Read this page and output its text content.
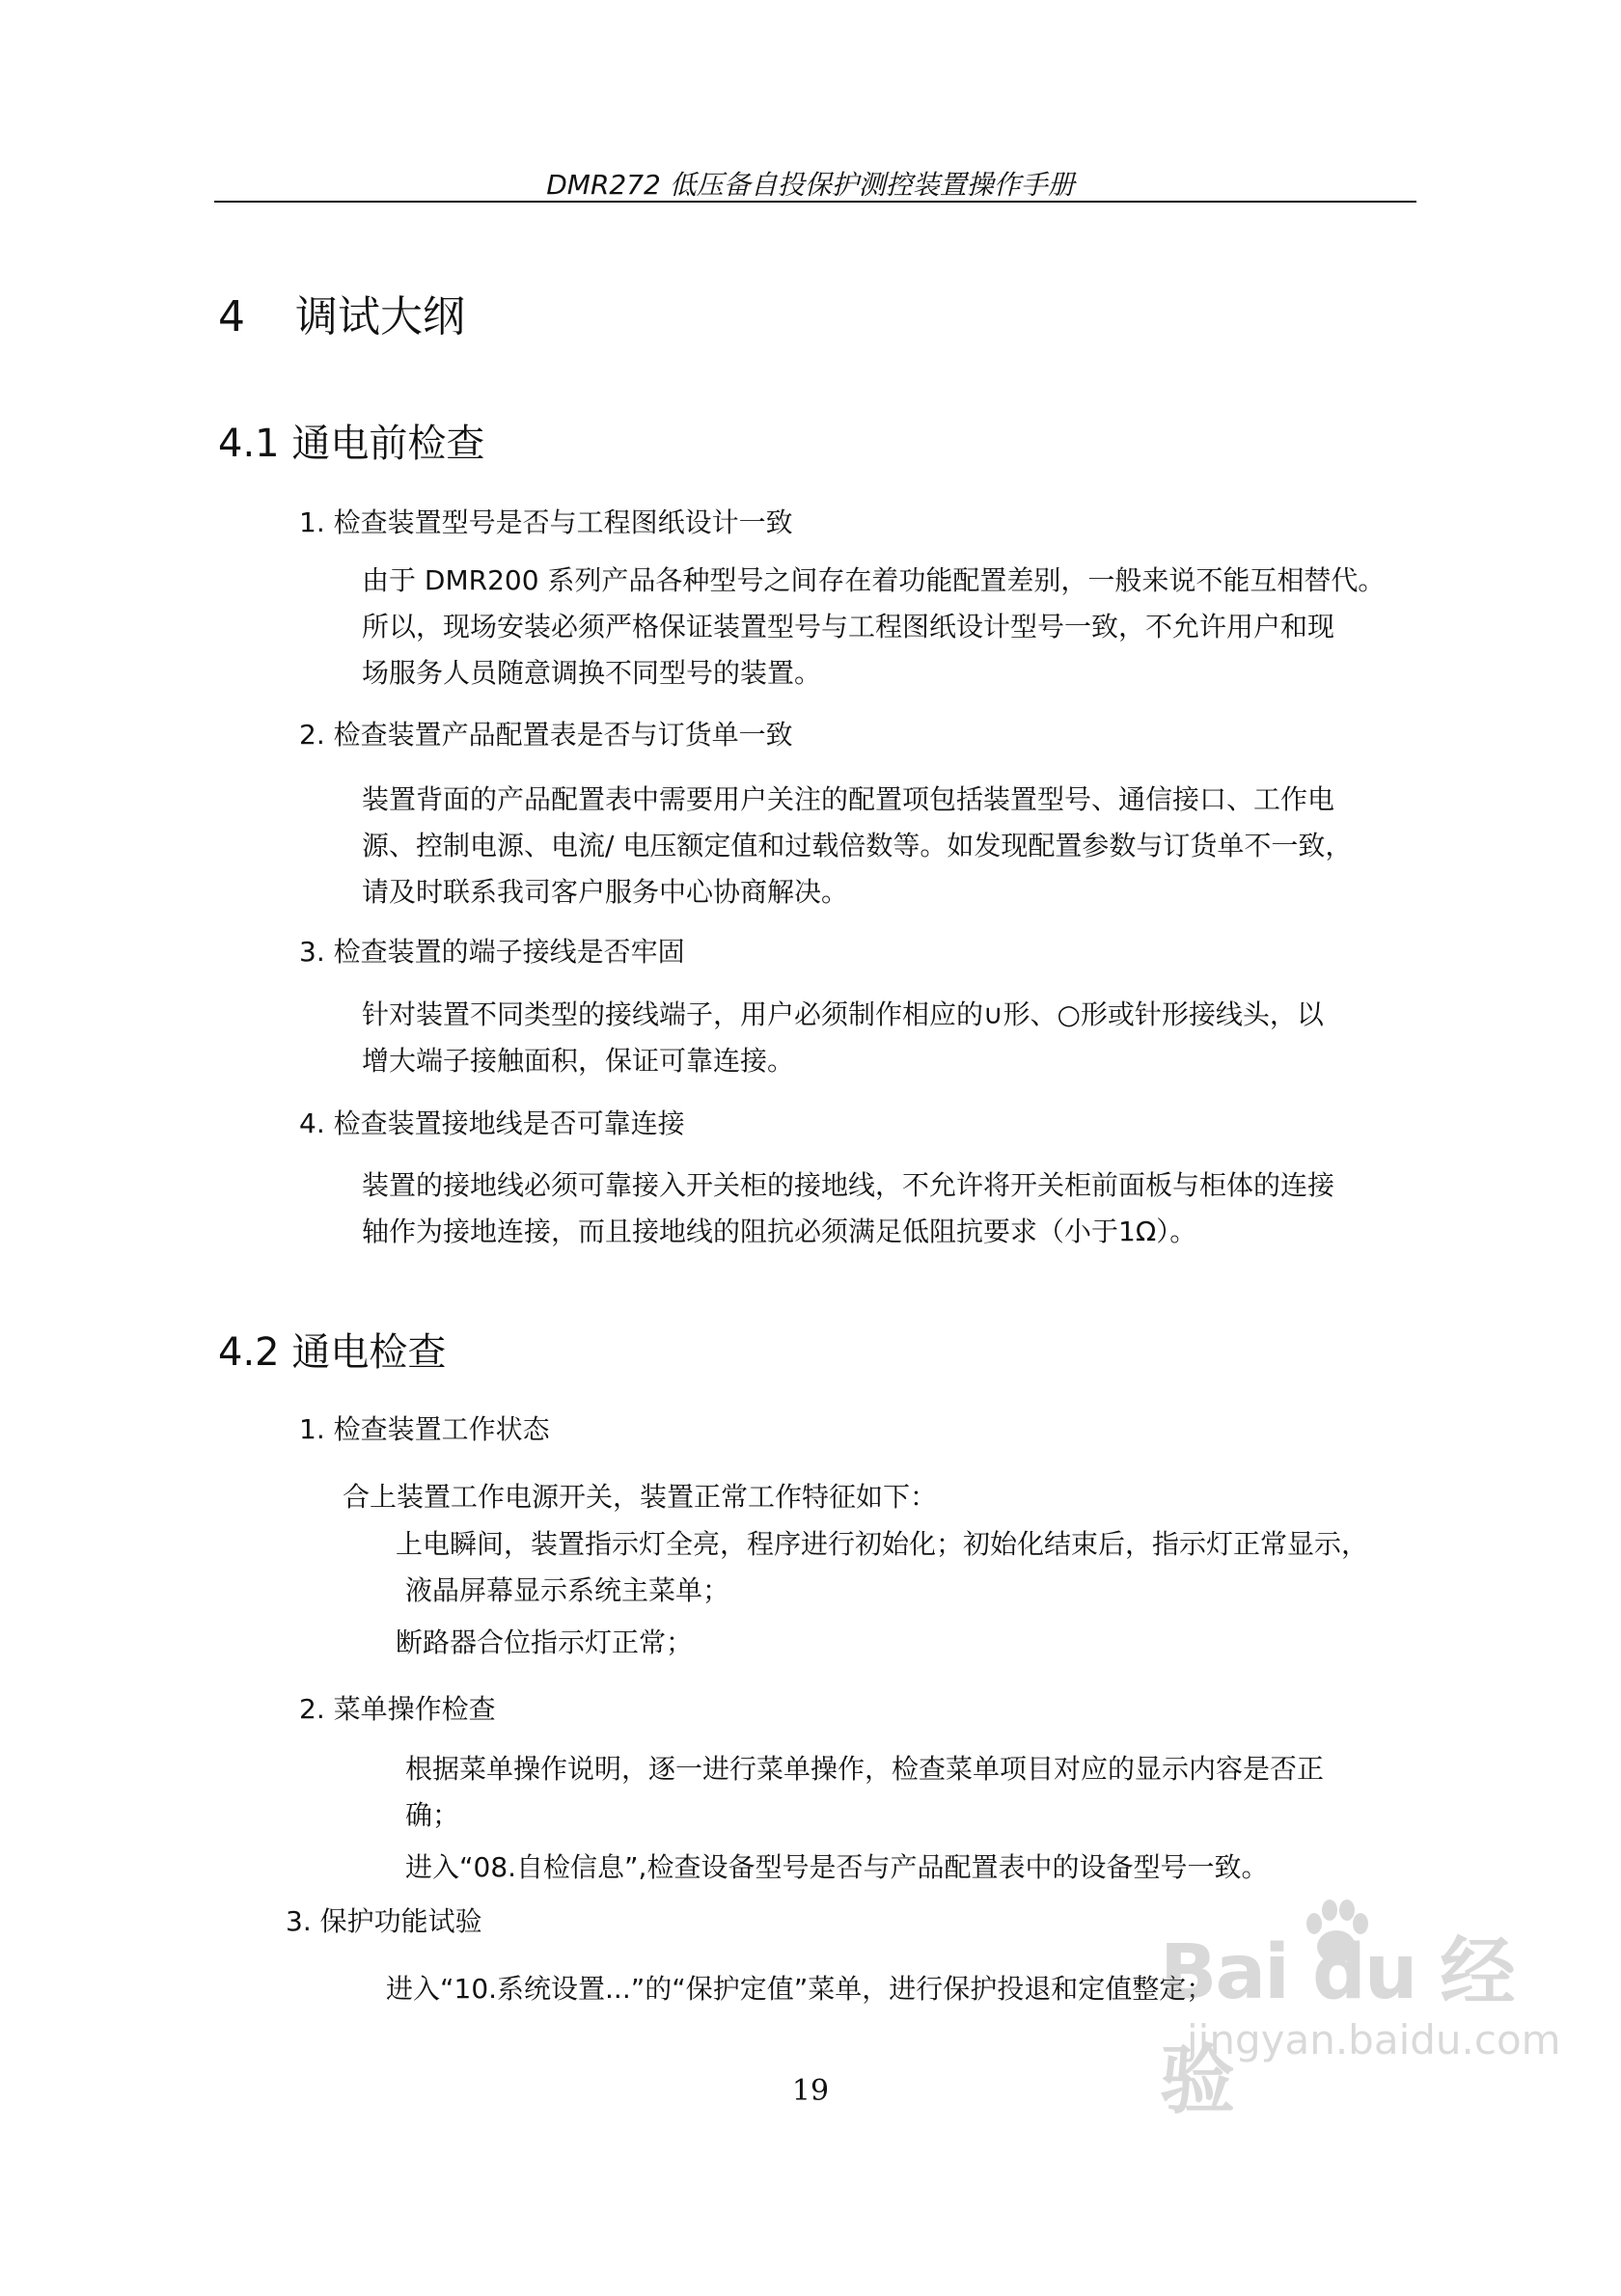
DMR272 低压备自投保护测控装置操作手册
4 调试大纲
4.1 通电前检查
1. 检查装置型号是否与工程图纸设计一致
由于 DMR200 系列产品各种型号之间存在着功能配置差别，一般来说不能互相替代。
所以，现场安装必须严格保证装置型号与工程图纸设计型号一致，不允许用户和现
场服务人员随意调换不同型号的装置。
2. 检查装置产品配置表是否与订货单一致
装置背面的产品配置表中需要用户关注的配置项包括装置型号、通信接口、工作电
源、控制电源、电流/ 电压额定值和过载倍数等。如发现配置参数与订货单不一致，
请及时联系我司客户服务中心协商解决。
3. 检查装置的端子接线是否牢固
针对装置不同类型的接线端子，用户必须制作相应的∪形、○形或针形接线头，以
增大端子接触面积，保证可靠连接。
4. 检查装置接地线是否可靠连接
装置的接地线必须可靠接入开关柜的接地线，不允许将开关柜前面板与柜体的连接
轴作为接地连接，而且接地线的阻抗必须满足低阻抗要求（小于1Ω）。
4.2 通电检查
1. 检查装置工作状态
合上装置工作电源开关，装置正常工作特征如下：
上电瞬间，装置指示灯全亮，程序进行初始化；初始化结束后，指示灯正常显示，
液晶屏幕显示系统主菜单；
断路器合位指示灯正常；
2. 菜单操作检查
根据菜单操作说明，逐一进行菜单操作，检查菜单项目对应的显示内容是否正
确；
进入“08.自检信息”,检查设备型号是否与产品配置表中的设备型号一致。
3. 保护功能试验
进入“10.系统设置...”的“保护定值”菜单，进行保护投退和定值整定；
19
Bai du 经验
jingyan.baidu.com
